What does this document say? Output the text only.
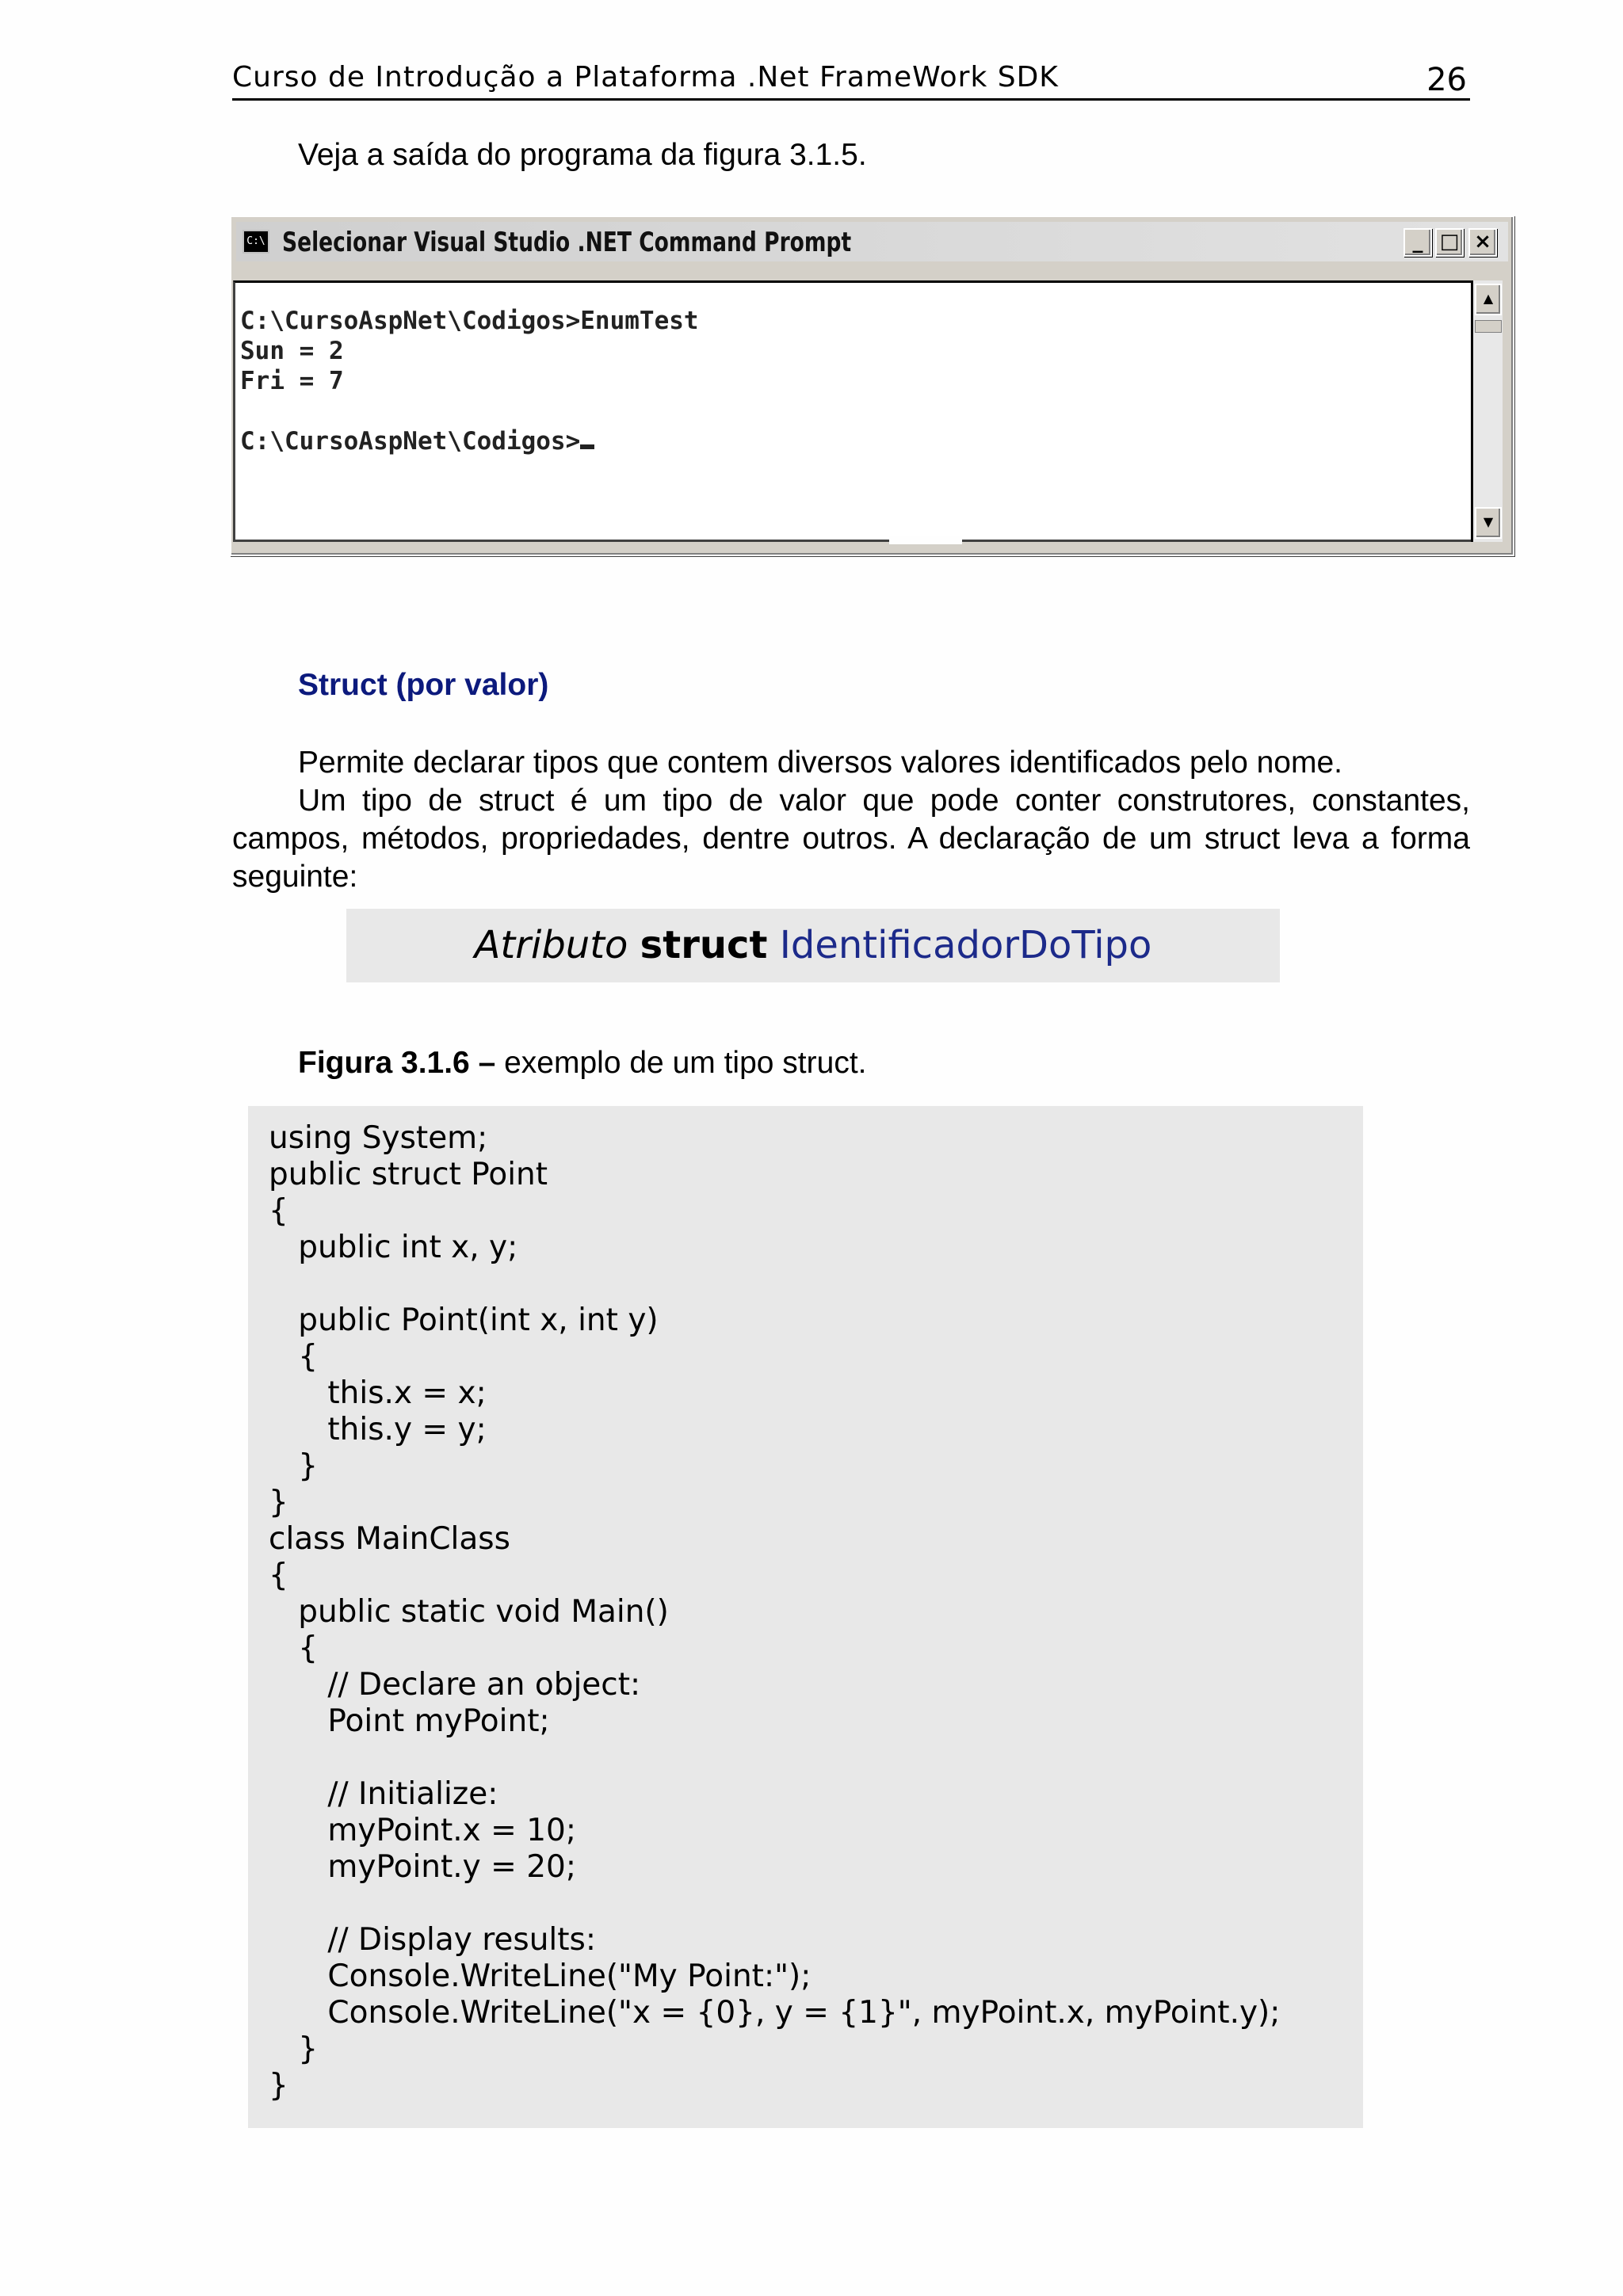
Curso de Introdução a Plataforma .Net FrameWork SDK	26
Veja a saída do programa da figura 3.1.5.
C:\ Selecionar Visual Studio .NET Command Prompt	_ □ ×
C:\CursoAspNet\Codigos>EnumTest
Sun = 2
Fri = 7
C:\CursoAspNet\Codigos>
▲
▼
Struct (por valor)
Permite declarar tipos que contem diversos valores identificados pelo nome.
Um tipo de struct é um tipo de valor que pode conter construtores, constantes, campos, métodos, propriedades, dentre outros. A declaração de um struct leva a forma seguinte:
Atributo struct IdentificadorDoTipo
Figura 3.1.6 – exemplo de um tipo struct.
using System;
public struct Point
{
public int x, y;
public Point(int x, int y)
{
this.x = x;
this.y = y;
}
}
class MainClass
{
public static void Main()
{
// Declare an object:
Point myPoint;
// Initialize:
myPoint.x = 10;
myPoint.y = 20;
// Display results:
Console.WriteLine("My Point:");
Console.WriteLine("x = {0}, y = {1}", myPoint.x, myPoint.y);
}
}
